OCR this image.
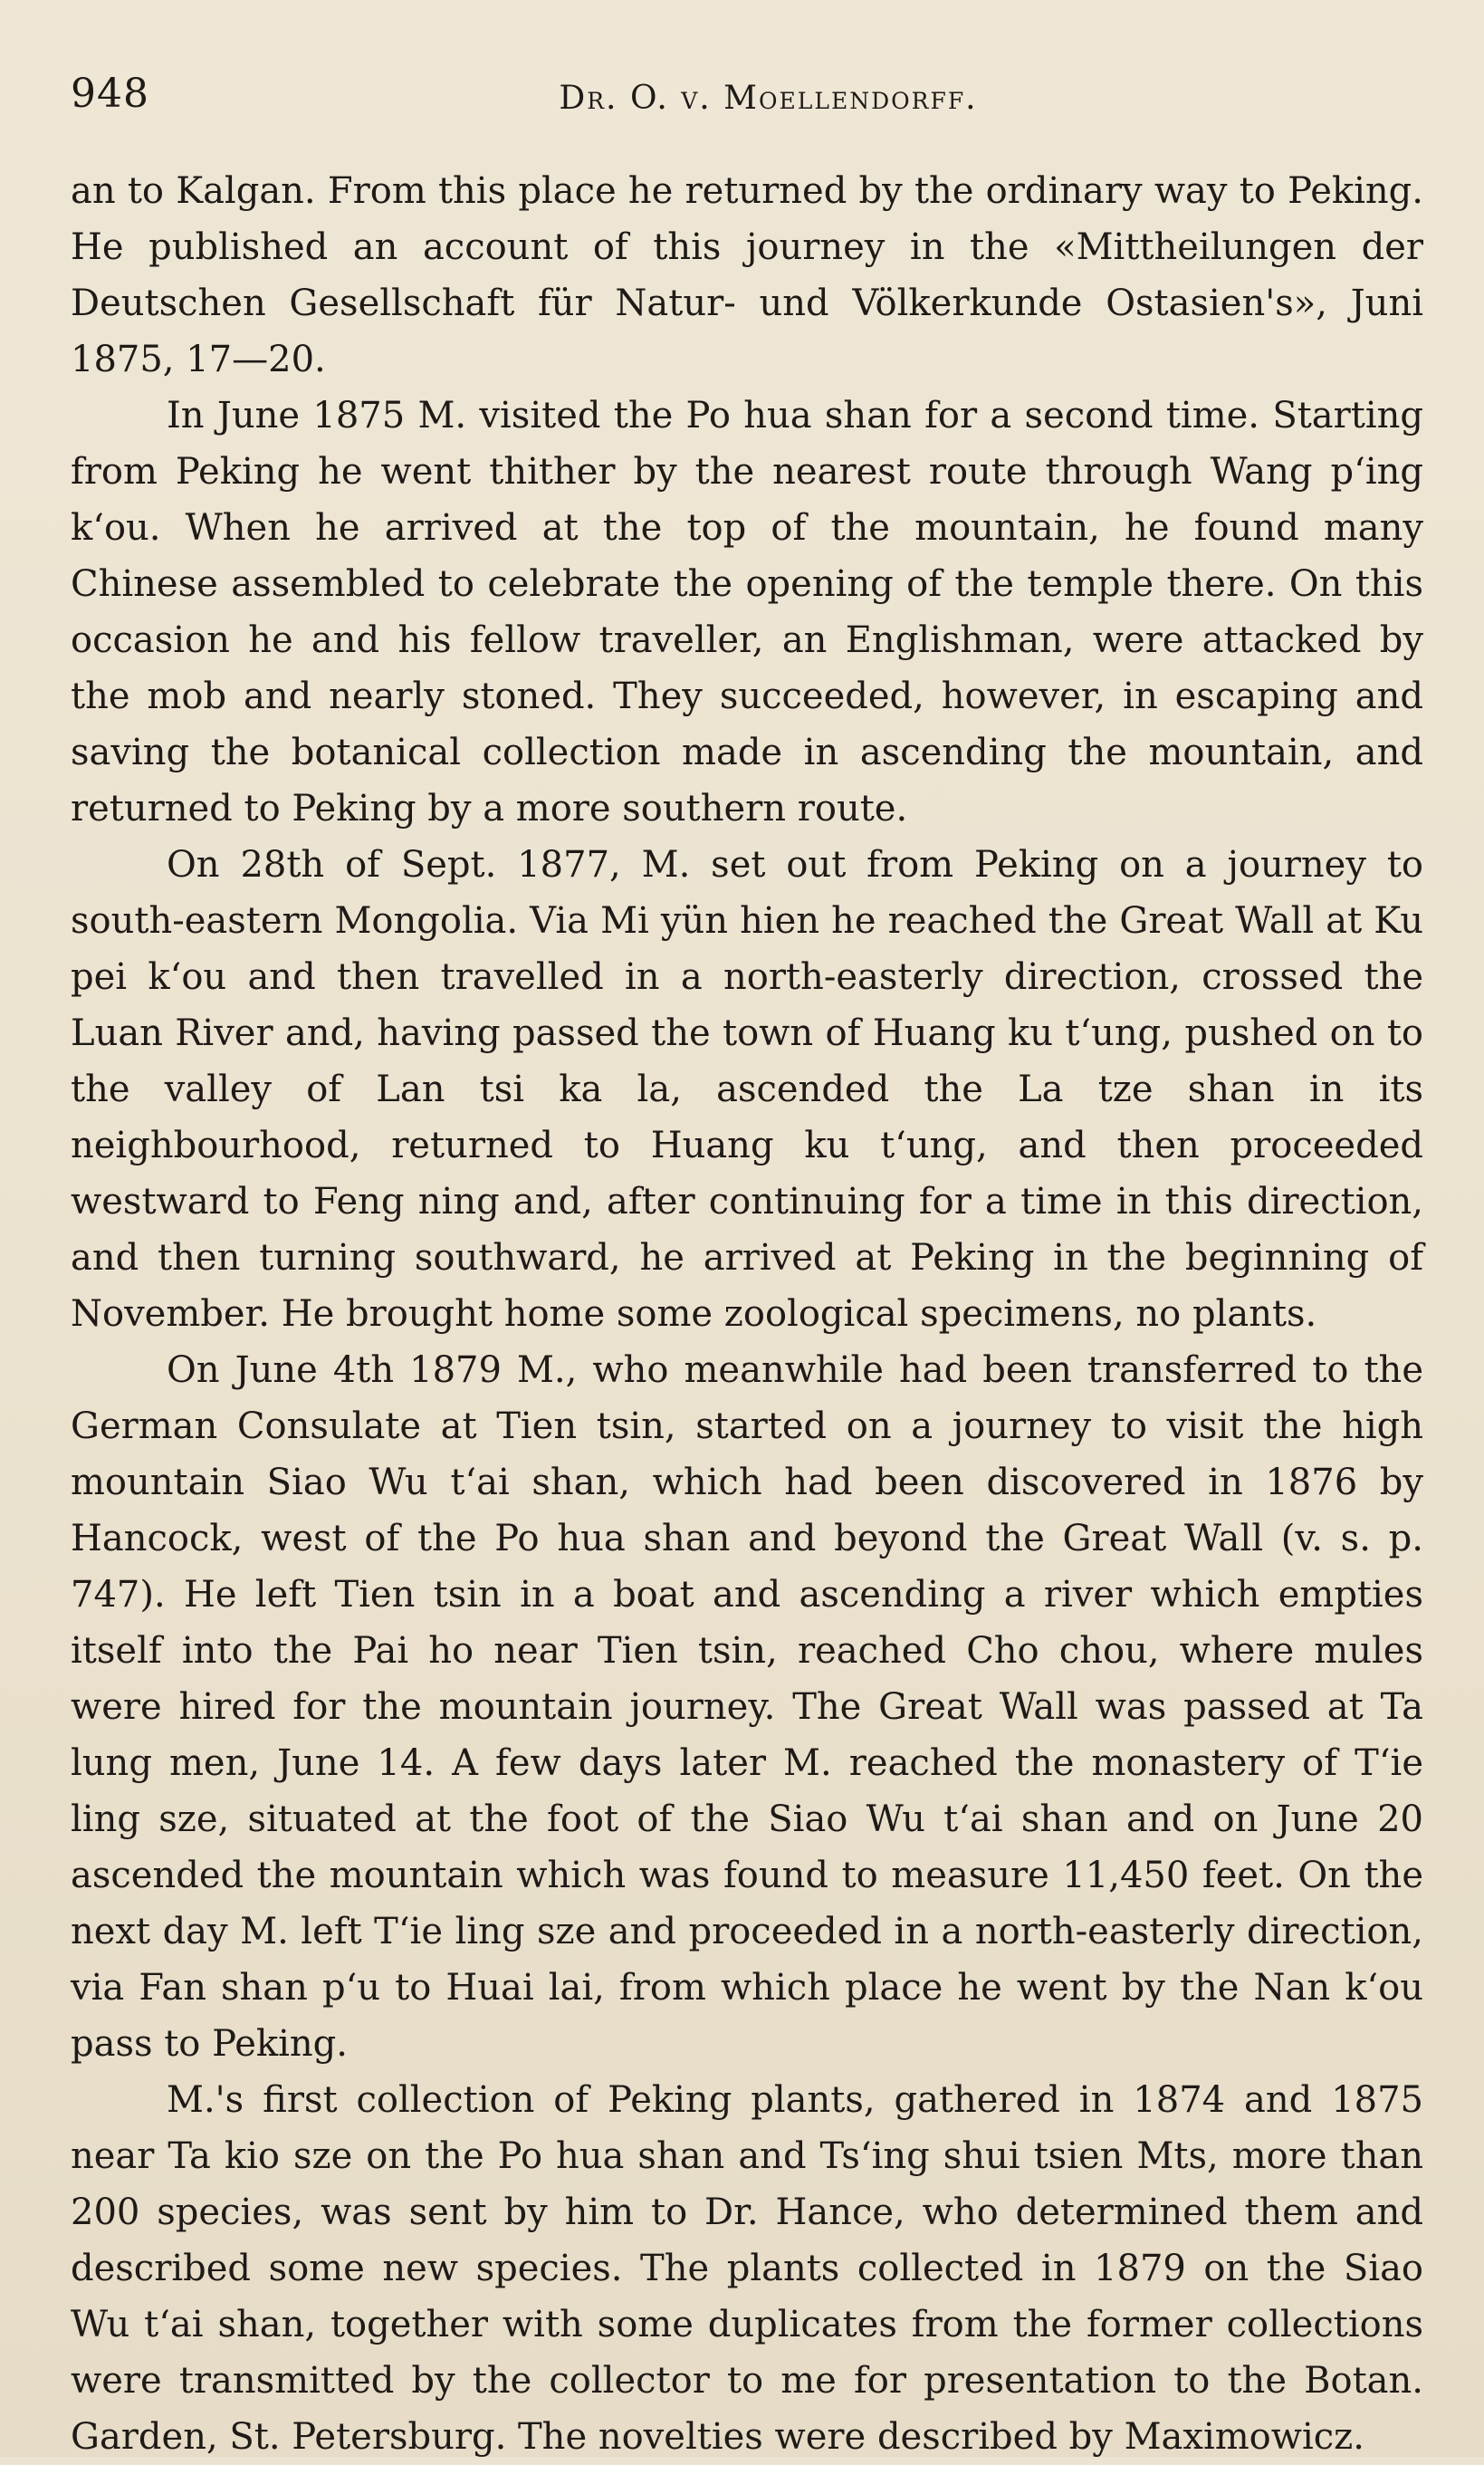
948	Dr. O. v. Moellendorff.

an to Kalgan. From this place he returned by the ordinary way to Peking. He published an account of this journey in the «Mittheilungen der Deutschen Gesellschaft für Natur- und Völkerkunde Ostasien's», Juni 1875, 17—20.

In June 1875 M. visited the Po hua shan for a second time. Starting from Peking he went thither by the nearest route through Wang pʻing kʻou. When he arrived at the top of the mountain, he found many Chinese assembled to celebrate the opening of the temple there. On this occasion he and his fellow traveller, an Englishman, were attacked by the mob and nearly stoned. They succeeded, however, in escaping and saving the botanical collection made in ascending the mountain, and returned to Peking by a more southern route.

On 28th of Sept. 1877, M. set out from Peking on a journey to south-eastern Mongolia. Via Mi yün hien he reached the Great Wall at Ku pei kʻou and then travelled in a north-easterly direction, crossed the Luan River and, having passed the town of Huang ku tʻung, pushed on to the valley of Lan tsi ka la, ascended the La tze shan in its neighbourhood, returned to Huang ku tʻung, and then proceeded westward to Feng ning and, after continuing for a time in this direction, and then turning southward, he arrived at Peking in the beginning of November. He brought home some zoological specimens, no plants.

On June 4th 1879 M., who meanwhile had been transferred to the German Consulate at Tien tsin, started on a journey to visit the high mountain Siao Wu tʻai shan, which had been discovered in 1876 by Hancock, west of the Po hua shan and beyond the Great Wall (v. s. p. 747). He left Tien tsin in a boat and ascending a river which empties itself into the Pai ho near Tien tsin, reached Cho chou, where mules were hired for the mountain journey. The Great Wall was passed at Ta lung men, June 14. A few days later M. reached the monastery of Tʻie ling sze, situated at the foot of the Siao Wu tʻai shan and on June 20 ascended the mountain which was found to measure 11,450 feet. On the next day M. left Tʻie ling sze and proceeded in a north-easterly direction, via Fan shan pʻu to Huai lai, from which place he went by the Nan kʻou pass to Peking.

M.'s first collection of Peking plants, gathered in 1874 and 1875 near Ta kio sze on the Po hua shan and Tsʻing shui tsien Mts, more than 200 species, was sent by him to Dr. Hance, who determined them and described some new species. The plants collected in 1879 on the Siao Wu tʻai shan, together with some duplicates from the former collections were transmitted by the collector to me for presentation to the Botan. Garden, St. Petersburg. The novelties were described by Maximowicz.
